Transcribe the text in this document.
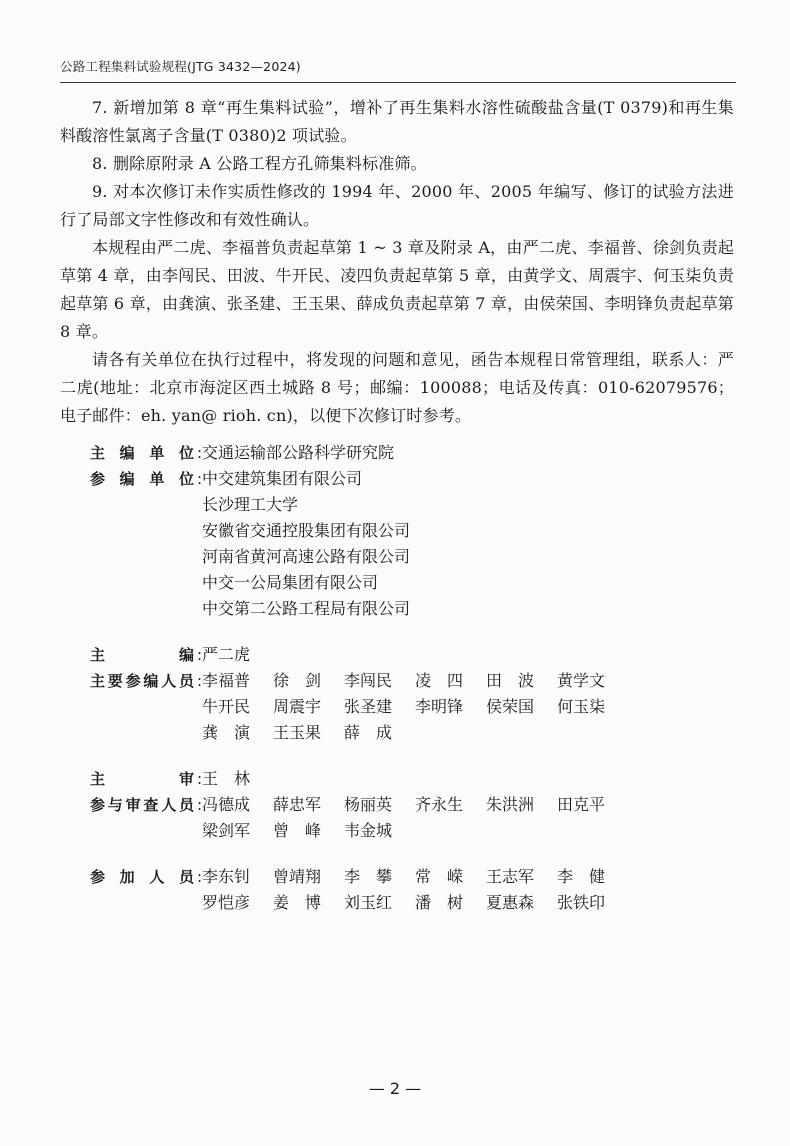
公路工程集料试验规程(JTG 3432—2024)

7. 新增加第 8 章“再生集料试验”，增补了再生集料水溶性硫酸盐含量(T 0379)和再生集料酸溶性氯离子含量(T 0380)2 项试验。

8. 删除原附录 A 公路工程方孔筛集料标准筛。

9. 对本次修订未作实质性修改的 1994 年、2000 年、2005 年编写、修订的试验方法进行了局部文字性修改和有效性确认。

本规程由严二虎、李福普负责起草第 1 ~ 3 章及附录 A，由严二虎、李福普、徐剑负责起草第 4 章，由李闯民、田波、牛开民、凌四负责起草第 5 章，由黄学文、周震宇、何玉柒负责起草第 6 章，由龚演、张圣建、王玉果、薛成负责起草第 7 章，由侯荣国、李明锋负责起草第 8 章。

请各有关单位在执行过程中，将发现的问题和意见，函告本规程日常管理组，联系人：严二虎(地址：北京市海淀区西土城路 8 号；邮编：100088；电话及传真：010-62079576；电子邮件：eh. yan@ rioh. cn)，以便下次修订时参考。

主编单位 : 交通运输部公路科学研究院
参编单位 : 中交建筑集团有限公司
长沙理工大学
安徽省交通控股集团有限公司
河南省黄河高速公路有限公司
中交一公局集团有限公司
中交第二公路工程局有限公司
主编 : 严二虎
主要参编人员 : 李福普	徐　剑	李闯民	凌　四	田　波	黄学文
牛开民	周震宇	张圣建	李明锋	侯荣国	何玉柒
龚　演	王玉果	薛　成
主审 : 王　林
参与审查人员 : 冯德成	薛忠军	杨丽英	齐永生	朱洪洲	田克平
梁剑军	曾　峰	韦金城
参加人员 : 李东钊	曾靖翔	李　攀	常　嵘	王志军	李　健
罗恺彦	姜　博	刘玉红	潘　树	夏惠森	张铁印
— 2 —
